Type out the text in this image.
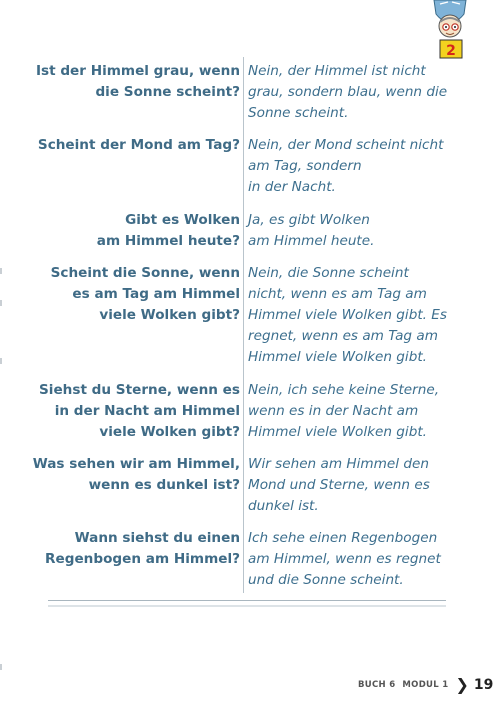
2
Ist der Himmel grau, wenn
die Sonne scheint?
Nein, der Himmel ist nicht
grau, sondern blau, wenn die
Sonne scheint.
Scheint der Mond am Tag? Nein, der Mond scheint nicht
am Tag, sondern
in der Nacht.
Gibt es Wolken
am Himmel heute?
Ja, es gibt Wolken
am Himmel heute.
Scheint die Sonne, wenn
es am Tag am Himmel
viele Wolken gibt?
Nein, die Sonne scheint
nicht, wenn es am Tag am
Himmel viele Wolken gibt. Es
regnet, wenn es am Tag am
Himmel viele Wolken gibt.
Siehst du Sterne, wenn es
in der Nacht am Himmel
viele Wolken gibt?
Nein, ich sehe keine Sterne,
wenn es in der Nacht am
Himmel viele Wolken gibt.
Was sehen wir am Himmel,
wenn es dunkel ist?
Wir sehen am Himmel den
Mond und Sterne, wenn es
dunkel ist.
Wann siehst du einen
Regenbogen am Himmel?
Ich sehe einen Regenbogen
am Himmel, wenn es regnet
und die Sonne scheint.
BUCH 6 MODUL 1 ❯ 19
